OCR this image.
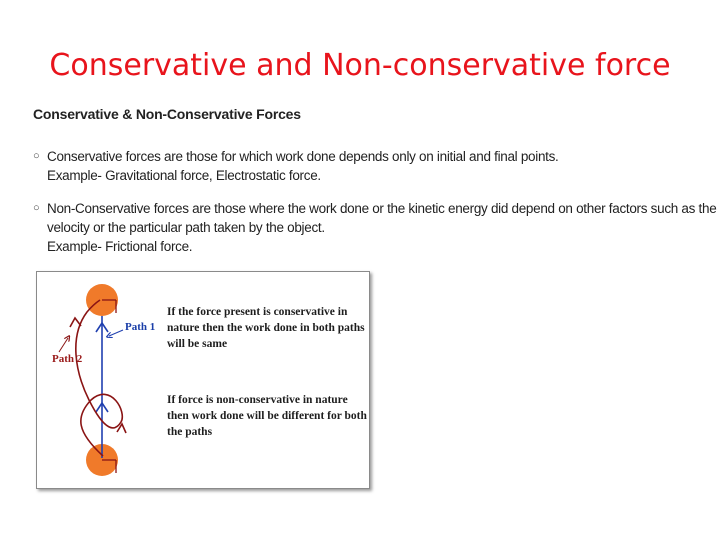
Conservative and Non-conservative force
Conservative & Non-Conservative Forces
○ Conservative forces are those for which work done depends only on initial and final points.
Example- Gravitational force, Electrostatic force.
○ Non-Conservative forces are those where the work done or the kinetic energy did depend on other factors such as the
velocity or the particular path taken by the object.
Example- Frictional force.
Path 1
Path 2
If the force present is conservative in
nature then the work done in both paths
will be same
If force is non-conservative in nature
then work done will be different for both
the paths
